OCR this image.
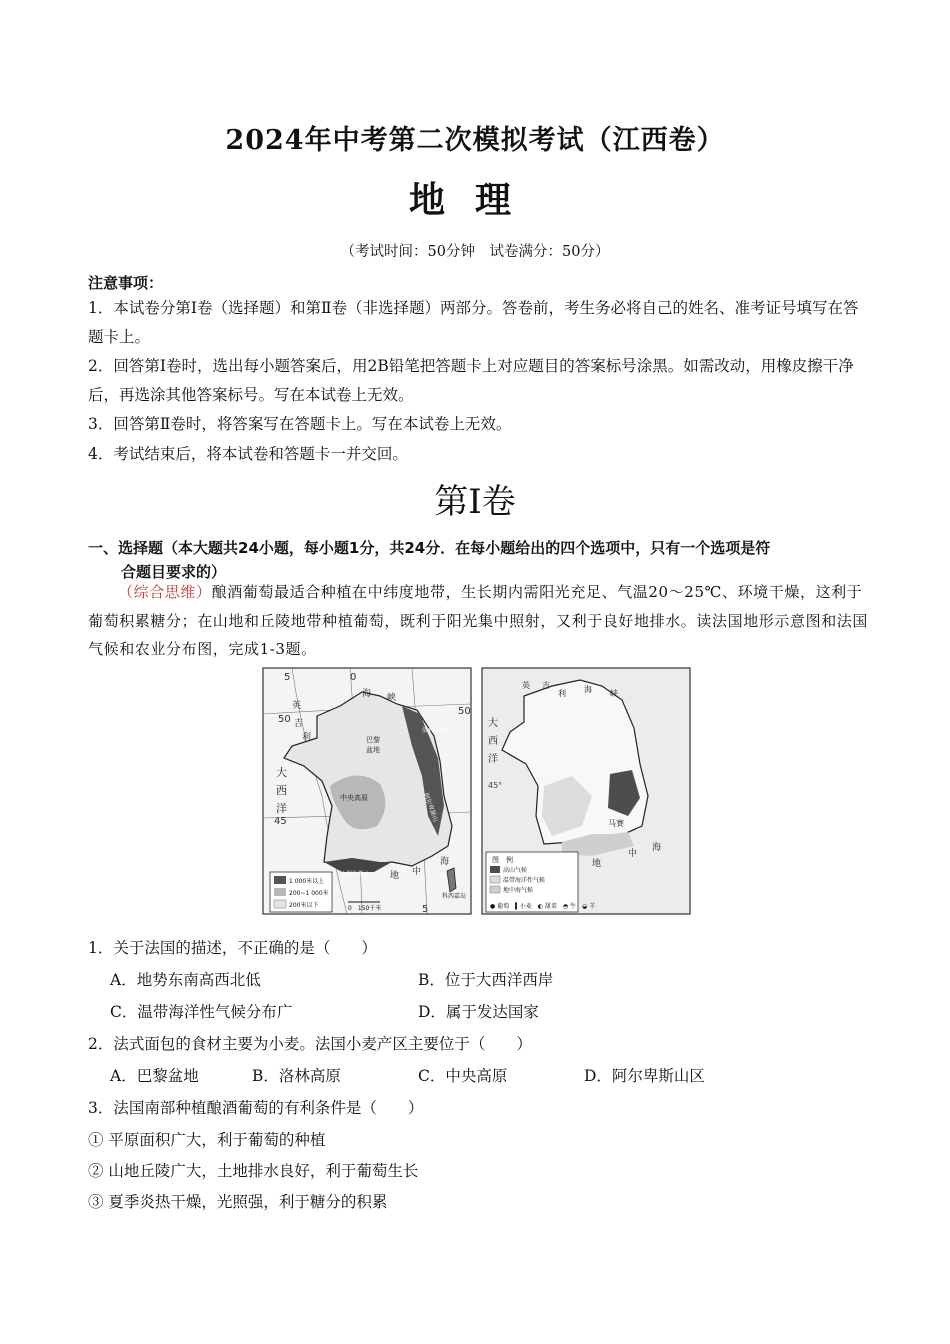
2024年中考第二次模拟考试（江西卷）
地理
（考试时间：50分钟　试卷满分：50分）
注意事项：
1．本试卷分第Ⅰ卷（选择题）和第Ⅱ卷（非选择题）两部分。答卷前，考生务必将自己的姓名、准考证号填写在答题卡上。
2．回答第Ⅰ卷时，选出每小题答案后，用2B铅笔把答题卡上对应题目的答案标号涂黑。如需改动，用橡皮擦干净后，再选涂其他答案标号。写在本试卷上无效。
3．回答第Ⅱ卷时，将答案写在答题卡上。写在本试卷上无效。
4．考试结束后，将本试卷和答题卡一并交回。
第Ⅰ卷
一、选择题（本大题共24小题，每小题1分，共24分．在每小题给出的四个选项中，只有一个选项是符
合题目要求的）
（综合思维）酿酒葡萄最适合种植在中纬度地带，生长期内需阳光充足、气温20～25℃、环境干燥，这利于葡萄积累糖分；在山地和丘陵地带种植葡萄，既利于阳光集中照射，又利于良好地排水。读法国地形示意图和法国气候和农业分布图，完成1-3题。
5	0
50
50
45
5
英
吉
利
海 峡
巴黎
盆地
大
西
洋
中央高原	阿尔卑斯山
比利牛斯山
洛林高原
海
中
地
科西嘉岛
1 000米以上
200~1 000米
200米以下	0　150千米
英 吉
利 海 峡
大
西
洋
45°
马赛
地
中
海
图　例
高山气候
温带海洋性气候
地中海气候
● 葡萄　▍小麦　◐ 甜菜　◓ 牛　◒ 羊
1．关于法国的描述，不正确的是（　　）
A．地势东南高西北低	B．位于大西洋西岸
C．温带海洋性气候分布广	D．属于发达国家
2．法式面包的食材主要为小麦。法国小麦产区主要位于（　　）
A．巴黎盆地	B．洛林高原	C．中央高原	D．阿尔卑斯山区
3．法国南部种植酿酒葡萄的有利条件是（　　）
① 平原面积广大，利于葡萄的种植
② 山地丘陵广大，土地排水良好，利于葡萄生长
③ 夏季炎热干燥，光照强，利于糖分的积累
